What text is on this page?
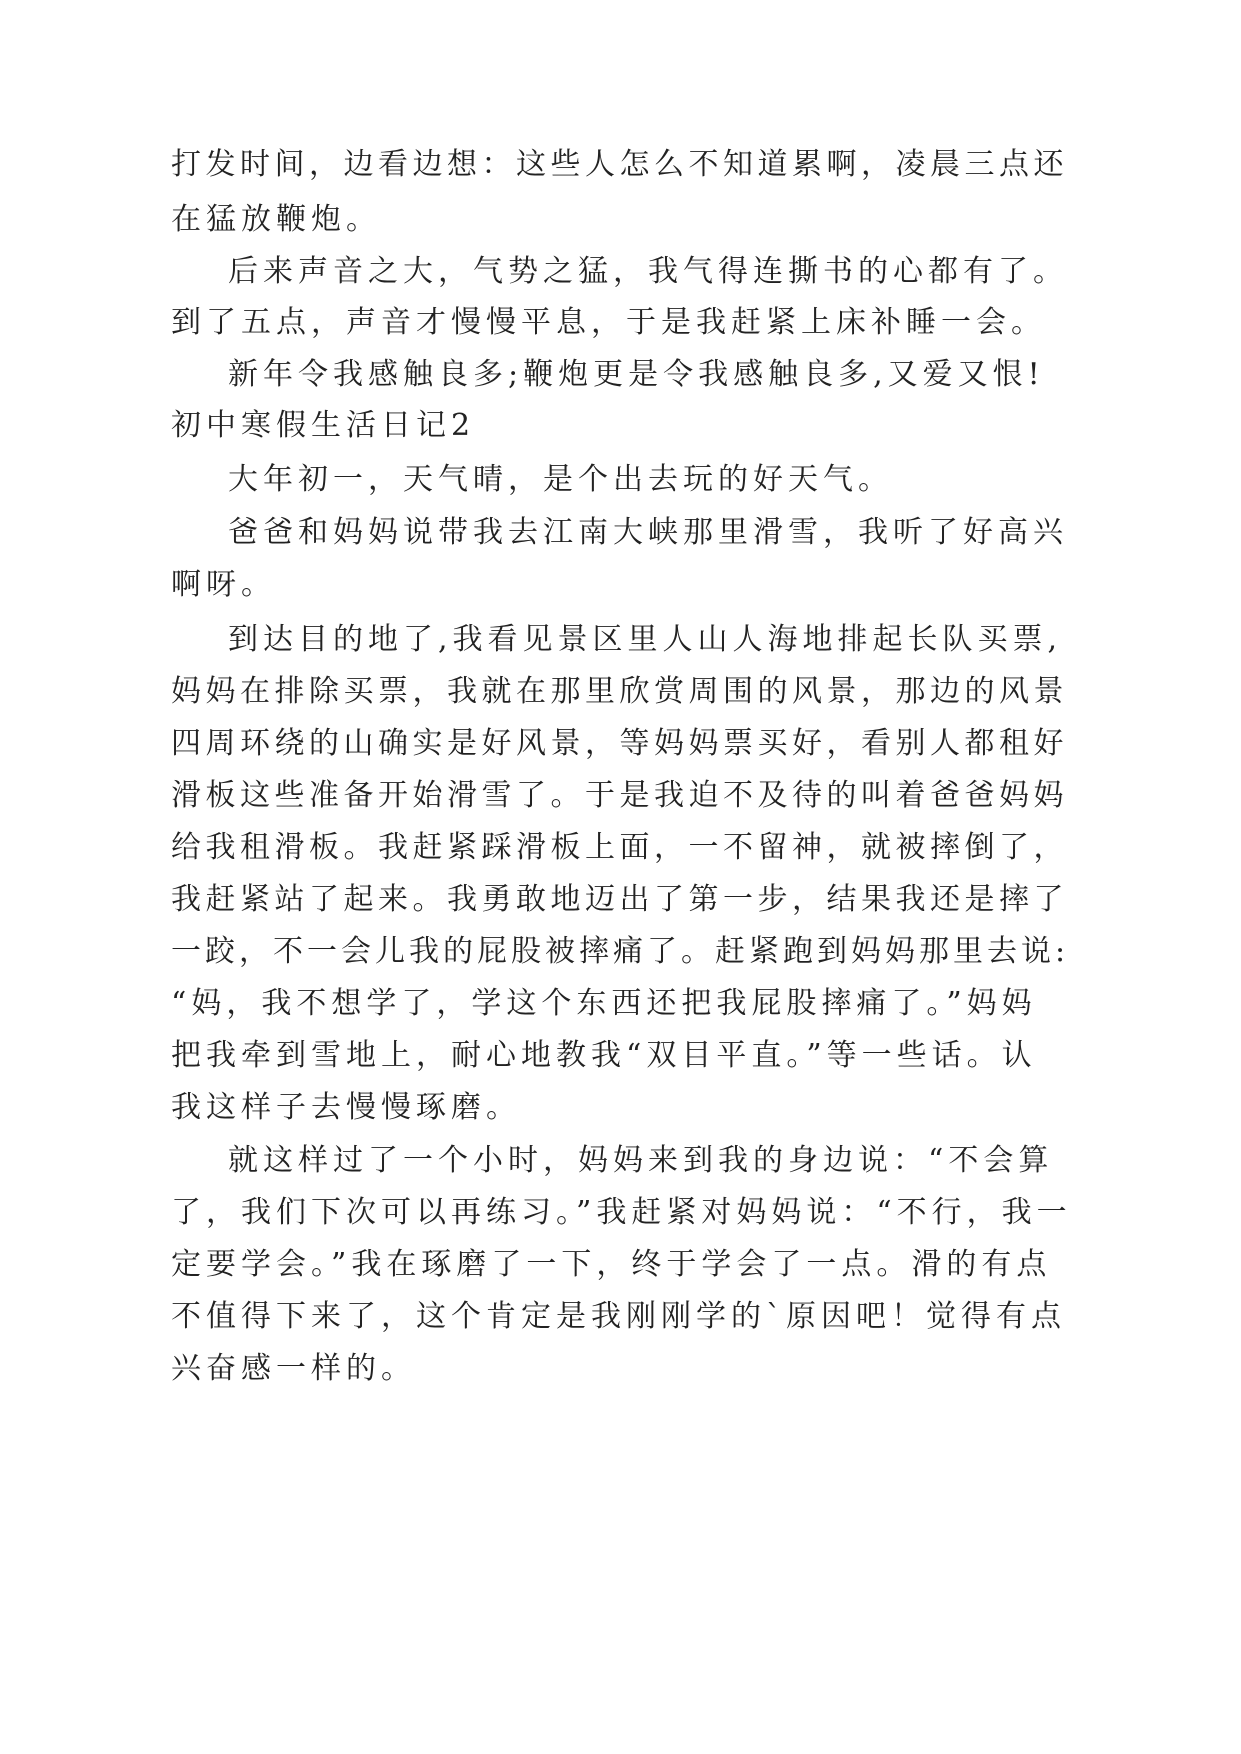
打发时间，边看边想：这些人怎么不知道累啊，凌晨三点还

在猛放鞭炮。

后来声音之大，气势之猛，我气得连撕书的心都有了。

到了五点，声音才慢慢平息，于是我赶紧上床补睡一会。

新年令我感触良多;鞭炮更是令我感触良多,又爱又恨!

初中寒假生活日记2

大年初一，天气晴，是个出去玩的好天气。

爸爸和妈妈说带我去江南大峡那里滑雪，我听了好高兴

啊呀。

到达目的地了,我看见景区里人山人海地排起长队买票,

妈妈在排除买票，我就在那里欣赏周围的风景，那边的风景

四周环绕的山确实是好风景，等妈妈票买好，看别人都租好

滑板这些准备开始滑雪了。于是我迫不及待的叫着爸爸妈妈

给我租滑板。我赶紧踩滑板上面，一不留神，就被摔倒了，

我赶紧站了起来。我勇敢地迈出了第一步，结果我还是摔了

一跤，不一会儿我的屁股被摔痛了。赶紧跑到妈妈那里去说:

“妈，我不想学了，学这个东西还把我屁股摔痛了。”妈妈

把我牵到雪地上，耐心地教我“双目平直。”等一些话。认

我这样子去慢慢琢磨。

就这样过了一个小时，妈妈来到我的身边说：“不会算

了，我们下次可以再练习。”我赶紧对妈妈说：“不行，我一

定要学会。”我在琢磨了一下，终于学会了一点。滑的有点

不值得下来了，这个肯定是我刚刚学的`原因吧！觉得有点

兴奋感一样的。
